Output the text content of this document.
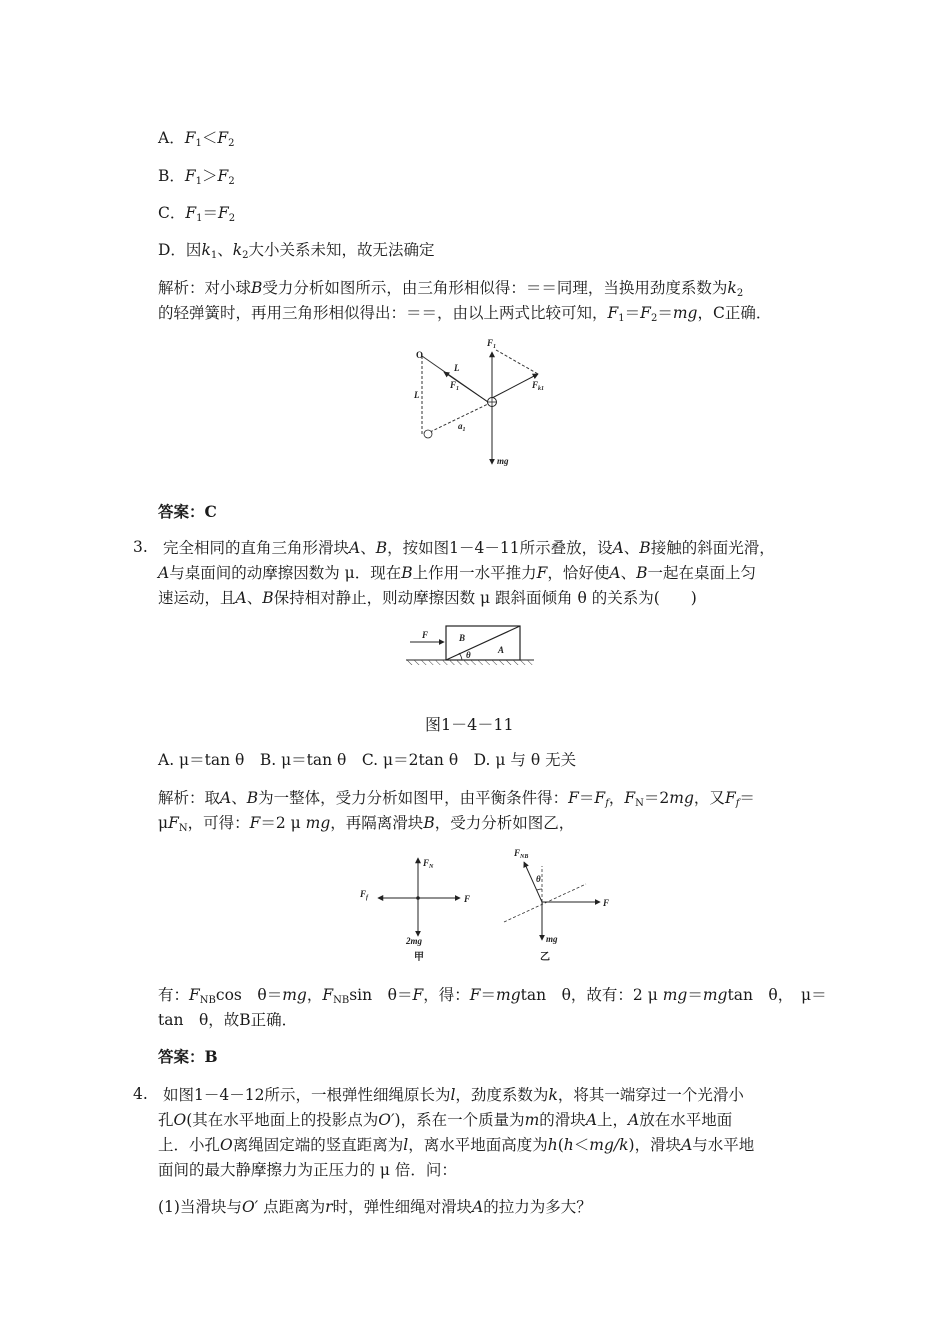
A．$F_1<F_2$
B．$F_1>F_2$
C．$F_1=F_2$
D．因$k_1$、$k_2$大小关系未知，故无法确定
解析：对小球B受力分析如图所示，由三角形相似得：＝＝同理，当换用劲度系数为$k_2$
的轻弹簧时，再用三角形相似得出：＝＝，由以上两式比较可知，$F_1=F_2=mg$，C正确．
O
L
L
$F_1$
$F_1$
$F_{k1}$
$a_1$
mg
答案：C
3. 完全相同的直角三角形滑块A、B，按如图1－4－11所示叠放，设A、B接触的斜面光滑，
A与桌面间的动摩擦因数为 μ．现在B上作用一水平推力F，恰好使A、B一起在桌面上匀
速运动，且A、B保持相对静止，则动摩擦因数 μ 跟斜面倾角 θ 的关系为(　　)
F	B
A
θ
图1－4－11
A. μ＝tan θ　B. μ＝tan θ　C. μ＝2tan θ　D. μ 与 θ 无关
解析：取A、B为一整体，受力分析如图甲，由平衡条件得：$F=F_f$，$F_N=2mg$，又$F_f=$
$\mu F_N$，可得：F＝2 μ mg，再隔离滑块B，受力分析如图乙，
$F_N$
$F_f$	F
2mg
甲
$F_{NB}$
θ
F
mg
乙
有：$F_{NB}\cos$　θ＝mg，$F_{NB}\sin$　θ＝F，得：F＝mgtan　θ，故有：2 μ mg＝mgtan　θ，　μ＝
tan　θ，故B正确．
答案：B
4. 如图1－4－12所示，一根弹性细绳原长为l，劲度系数为k，将其一端穿过一个光滑小
孔O(其在水平地面上的投影点为O′)，系在一个质量为m的滑块A上，A放在水平地面
上．小孔O离绳固定端的竖直距离为l，离水平地面高度为h(h＜mg/k)，滑块A与水平地
面间的最大静摩擦力为正压力的 μ 倍．问：
(1)当滑块与O′ 点距离为r时，弹性细绳对滑块A的拉力为多大？
